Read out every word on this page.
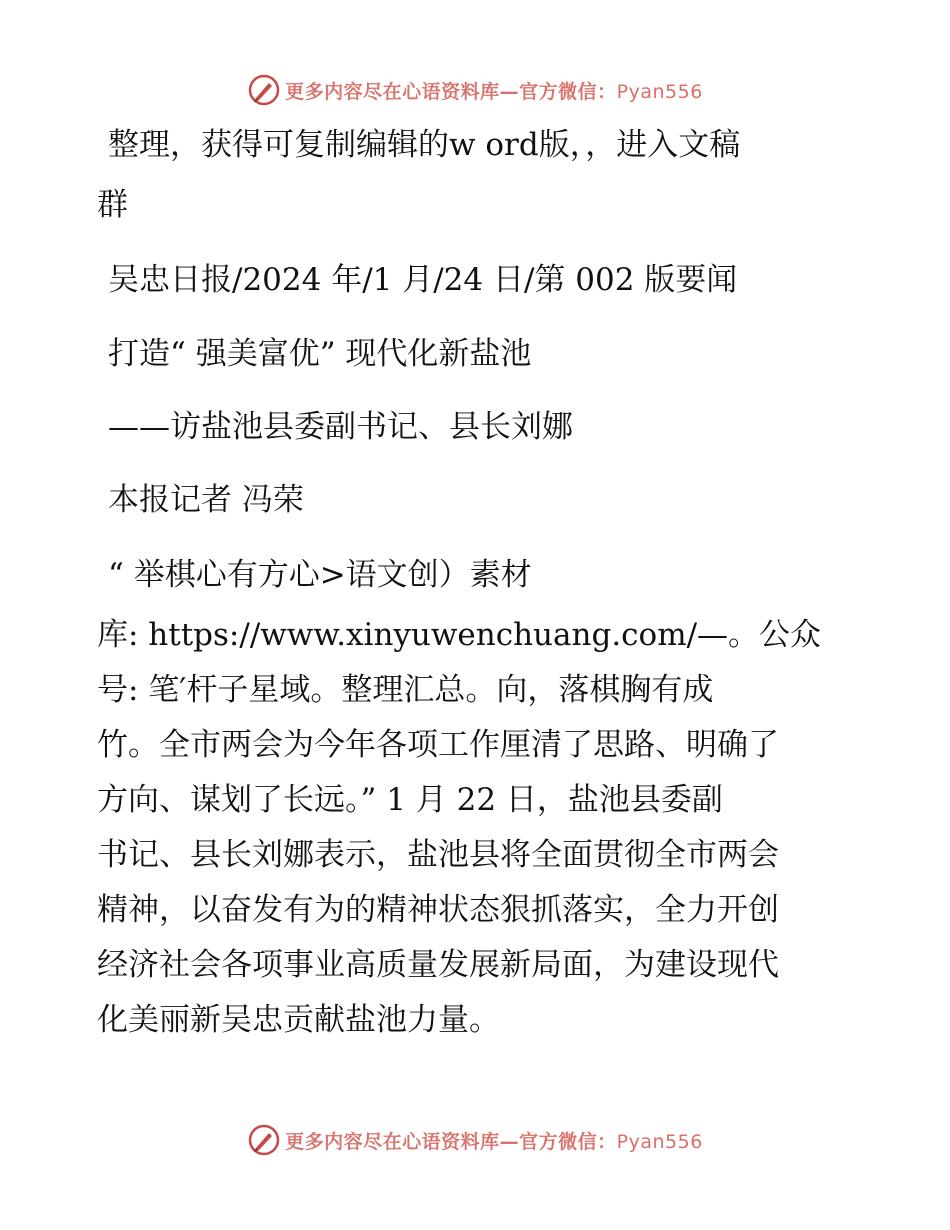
更多内容尽在心语资料库—官方微信：Pyan556
整理，获得可复制编辑的w ord版，，进入文稿
群
吴忠日报/2024 年/1 月/24 日/第 002 版要闻
打造“ 强美富优” 现代化新盐池
——访盐池县委副书记、县长刘娜
本报记者 冯荣
“ 举棋心有方心>语文创）素材
库: https://www.xinyuwenchuang.com/—。公众
号: 笔′杆子星域。整理汇总。向，落棋胸有成
竹。全市两会为今年各项工作厘清了思路、明确了
方向、谋划了长远。” 1 月 22 日，盐池县委副
书记、县长刘娜表示，盐池县将全面贯彻全市两会
精神，以奋发有为的精神状态狠抓落实，全力开创
经济社会各项事业高质量发展新局面，为建设现代
化美丽新吴忠贡献盐池力量。
更多内容尽在心语资料库—官方微信：Pyan556
